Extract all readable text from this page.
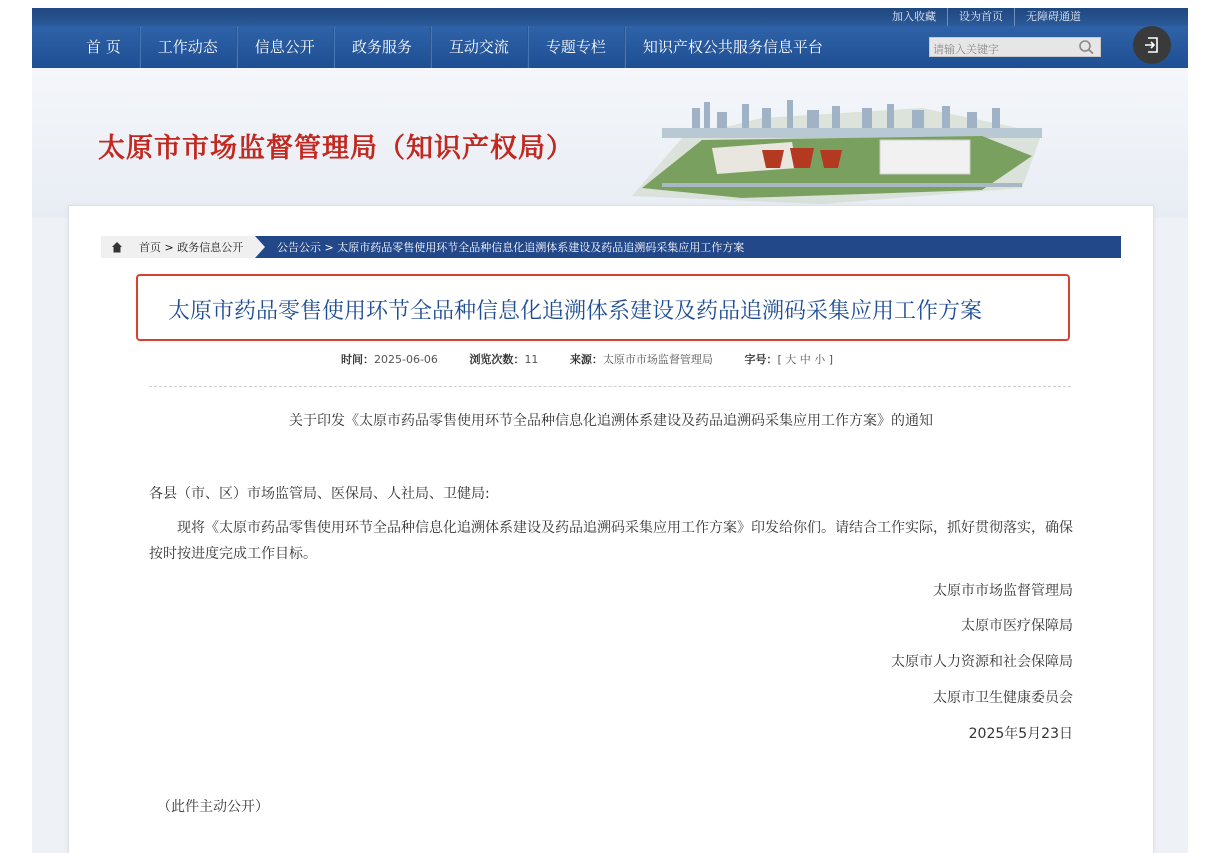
加入收藏	设为首页	无障碍通道
首 页	工作动态	信息公开	政务服务	互动交流	专题专栏	知识产权公共服务信息平台
请输入关键字
太原市市场监督管理局（知识产权局）
首页 > 政务信息公开	公告公示 > 太原市药品零售使用环节全品种信息化追溯体系建设及药品追溯码采集应用工作方案
太原市药品零售使用环节全品种信息化追溯体系建设及药品追溯码采集应用工作方案
时间：2025-06-06	浏览次数：11	来源：太原市市场监督管理局	字号：[ 大 中 小 ]
关于印发《太原市药品零售使用环节全品种信息化追溯体系建设及药品追溯码采集应用工作方案》的通知
各县（市、区）市场监管局、医保局、人社局、卫健局:
现将《太原市药品零售使用环节全品种信息化追溯体系建设及药品追溯码采集应用工作方案》印发给你们。请结合工作实际，抓好贯彻落实，确保按时按进度完成工作目标。
太原市市场监督管理局
太原市医疗保障局
太原市人力资源和社会保障局
太原市卫生健康委员会
2025年5月23日
（此件主动公开）
